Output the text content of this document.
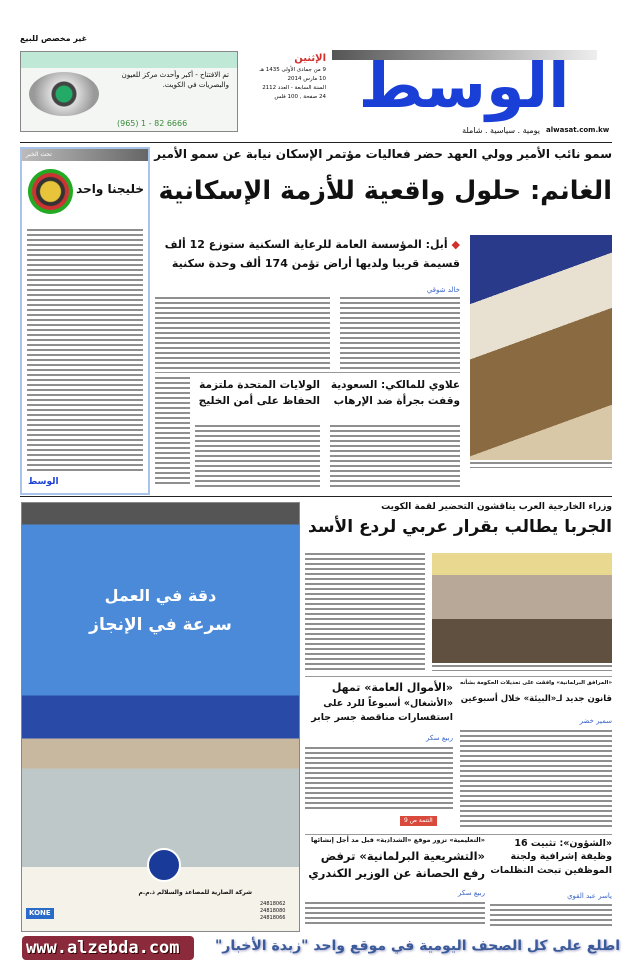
غير مخصص للبيع
تم الافتتاح - أكبر وأحدث مركز للعيون والبصريات في الكويت.
(965) 1 - 82 6666
الإثنين
9 من جمادى الأولى 1435 هـ
10 مارس 2014
السنة السابعة - العدد 2112
24 صفحة , 100 فلس الوسط
يومية . سياسية . شاملة alwasat.com.kw
تحت الخبر
خليجنا واحد
الوسط
سمو نائب الأمير وولي العهد حضر فعاليات مؤتمر الإسكان نيابة عن سمو الأمير
الغانم: حلول واقعية للأزمة الإسكانية
◆ أبل: المؤسسة العامة للرعاية السكنية ستوزع 12 ألف قسيمة قريبا ولديها أراض تؤمن 174 ألف وحدة سكنية
خالد شوقي
علاوي للمالكي: السعودية وقفت بجرأة ضد الإرهاب
الولايات المتحدة ملتزمة الحفاظ على أمن الخليج
دقة في العمل
سرعة في الإنجاز
شركة الصارية للمصاعد والسلالم ذ.م.م
KONE
24818062
24818080
24818066
وزراء الخارجية العرب يناقشون التحضير لقمة الكويت
الجربا يطالب بقرار عربي لردع الأسد
«المرافق البرلمانية» وافقت على تعديلات الحكومة بشأنه
قانون جديد لـ«البيئة» خلال أسبوعين
سمير خضر
«الأموال العامة» تمهل
«الأشغال» أسبوعاً للرد على استفسارات مناقصة جسر جابر
ربيع سكر
التتمة ص 9
«الشؤون»: تثبيت 16 وظيفة إشرافية ولجنة الموظفين تبحث التظلمات
ياسر عبد القوي
«التعليمية» تزور موقع «الشدادية» قبل مد أجل إنشائها
«التشريعية البرلمانية» ترفض رفع الحصانة عن الوزير الكندري
ربيع سكر
www.alzebda.com	اطلع على كل الصحف اليومية في موقع واحد "زبدة الأخبار"
